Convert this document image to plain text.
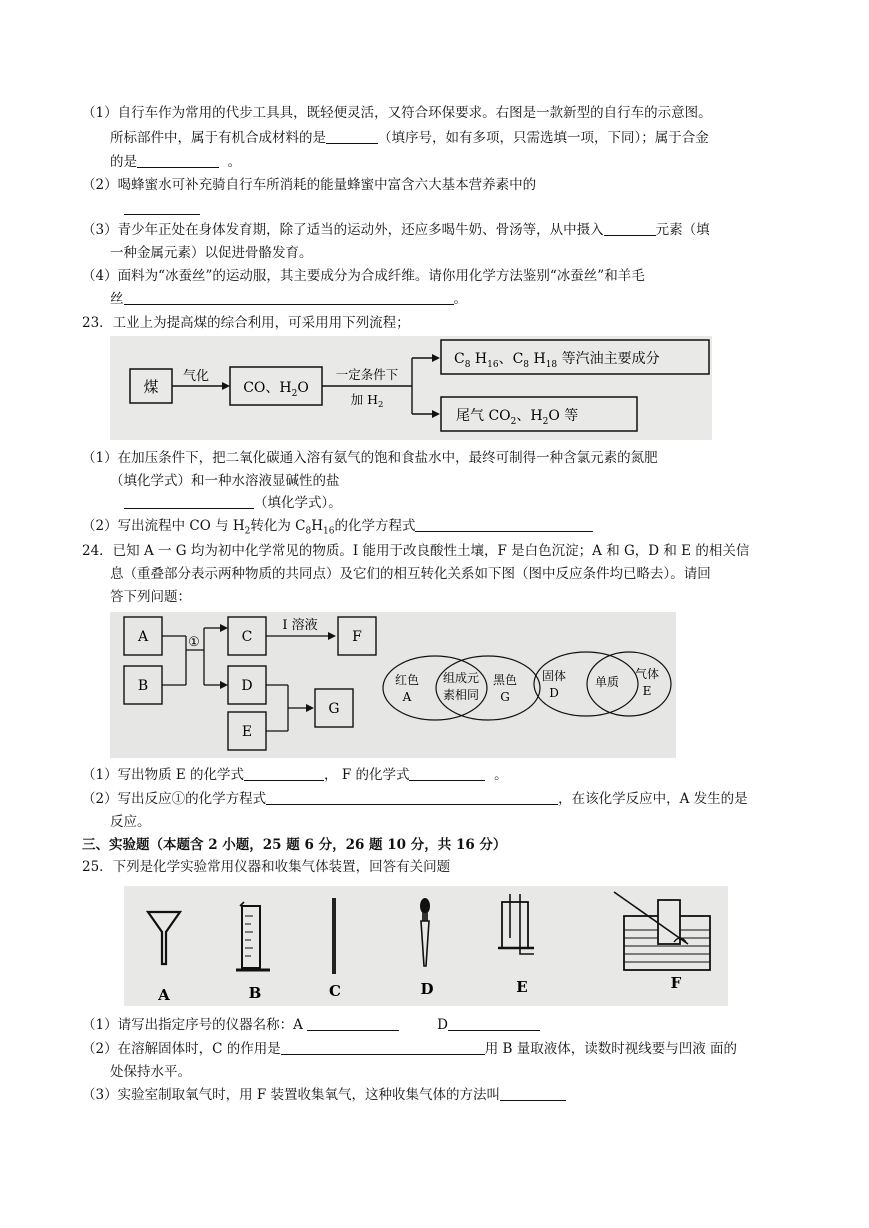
（1）自行车作为常用的代步工具具，既轻便灵活，又符合环保要求。右图是一款新型的自行车的示意图。
所标部件中，属于有机合成材料的是	（填序号，如有多项，只需选填一项，下同）；属于合金
的是	。
（2）喝蜂蜜水可补充骑自行车所消耗的能量蜂蜜中富含六大基本营养素中的
（3）青少年正处在身体发育期，除了适当的运动外，还应多喝牛奶、骨汤等，从中摄入	元素（填
一种金属元素）以促进骨骼发育。
（4）面料为“冰蚕丝”的运动服，其主要成分为合成纤维。请你用化学方法鉴别“冰蚕丝”和羊毛
丝	。
23．工业上为提高煤的综合利用，可采用用下列流程；
煤
气化
CO、$H_2O$
一定条件下
加 $H_2$
$C_8$ $H_{16}$、$C_8$ $H_{18}$ 等汽油主要成分
尾气 $CO_2$、$H_2O$ 等
（1）在加压条件下，把二氧化碳通入溶有氨气的饱和食盐水中，最终可制得一种含氯元素的氮肥
（填化学式）和一种水溶液显碱性的盐
（填化学式）。
（2）写出流程中 CO 与 $H_2$转化为 $C_8H_{16}$的化学方程式
24．已知 A 一 G 均为初中化学常见的物质。I 能用于改良酸性土壤，F 是白色沉淀；A 和 G，D 和 E 的相关信
息（重叠部分表示两种物质的共同点）及它们的相互转化关系如下图（图中反应条件均已略去）。请回
答下列问题：
A
B
①	C
I 溶液
F
D
E
G
红色
A
组成元
素相同
黑色
G
固体
D
单质
气体
E
（1）写出物质 E 的化学式	， F 的化学式	。
（2）写出反应①的化学方程式	，在该化学反应中，A 发生的是
反应。
三、实验题（本题含 2 小题，25 题 6 分，26 题 10 分，共 16 分）
25．下列是化学实验常用仪器和收集气体装置，回答有关问题
A	B	C	D	E	F
（1）请写出指定序号的仪器名称：A	D
（2）在溶解固体时，C 的作用是	用 B 量取液体，读数时视线要与凹液 面的
处保持水平。
（3）实验室制取氧气时，用 F 装置收集氧气，这种收集气体的方法叫
